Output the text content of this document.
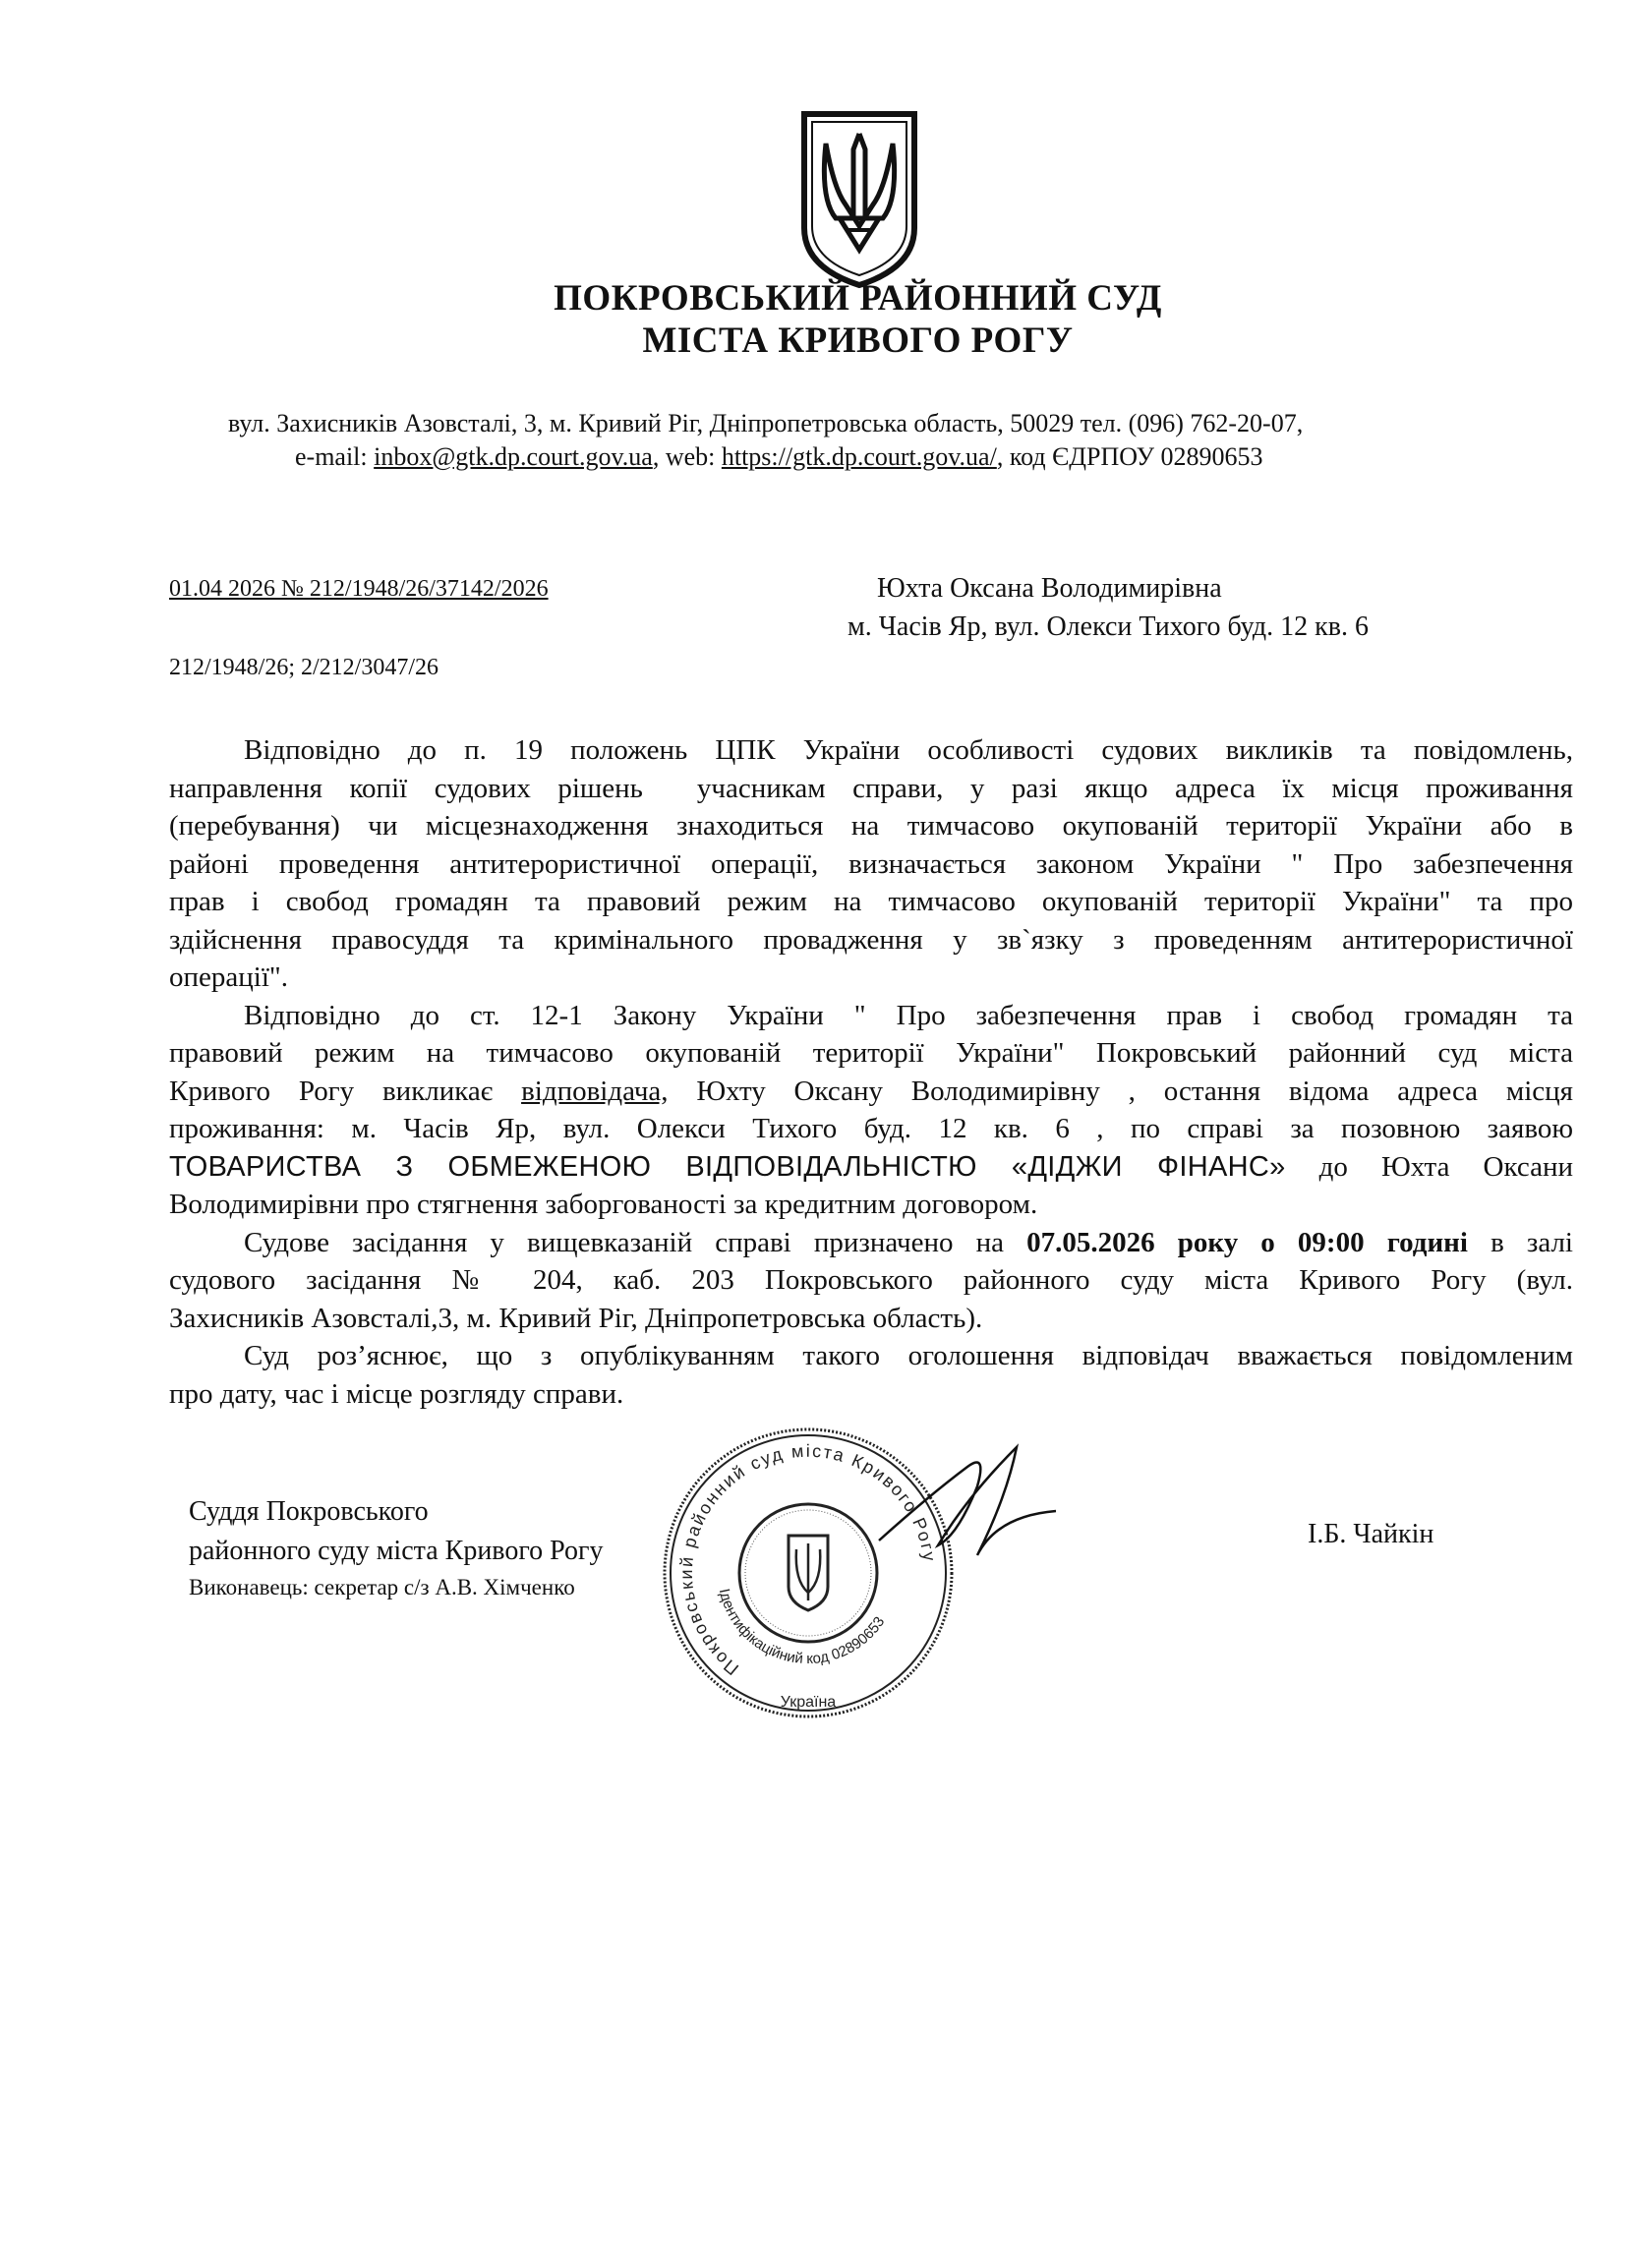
ПОКРОВСЬКИЙ РАЙОННИЙ СУД
МІСТА КРИВОГО РОГУ
вул. Захисників Азовсталі, 3, м. Кривий Ріг, Дніпропетровська область, 50029 тел. (096) 762-20-07,
e-mail: inbox@gtk.dp.court.gov.ua, web: https://gtk.dp.court.gov.ua/, код ЄДРПОУ 02890653
01.04 2026 № 212/1948/26/37142/2026
212/1948/26; 2/212/3047/26
Юхта Оксана Володимирівна
м. Часів Яр, вул. Олекси Тихого буд. 12 кв. 6
Відповідно до п. 19 положень ЦПК України особливості судових викликів та повідомлень,
направлення копії судових рішень  учасникам справи, у разі якщо адреса їх місця проживання
(перебування) чи місцезнаходження знаходиться на тимчасово окупованій території України або в
районі проведення антитерористичної операції, визначається законом України " Про забезпечення
прав і свобод громадян та правовий режим на тимчасово окупованій території України" та про
здійснення правосуддя та кримінального провадження у зв`язку з проведенням антитерористичної
операції".
Відповідно до ст. 12-1 Закону України " Про забезпечення прав і свобод громадян та
правовий режим на тимчасово окупованій території України" Покровський районний суд міста
Кривого Рогу викликає відповідача, Юхту Оксану Володимирівну , остання відома адреса місця
проживання: м. Часів Яр, вул. Олекси Тихого буд. 12 кв. 6 , по справі за позовною заявою
ТОВАРИСТВА З ОБМЕЖЕНОЮ ВІДПОВІДАЛЬНІСТЮ «ДІДЖИ ФІНАНС» до Юхта Оксани
Володимирівни про стягнення заборгованості за кредитним договором.
Судове засідання у вищевказаній справі призначено на 07.05.2026 року о 09:00 годині в залі
судового засідання № 204, каб. 203 Покровського районного суду міста Кривого Рогу (вул.
Захисників Азовсталі,3, м. Кривий Ріг, Дніпропетровська область).
Суд роз’яснює, що з опублікуванням такого оголошення відповідач вважається повідомленим
про дату, час і місце розгляду справи.
Суддя Покровського
районного суду міста Кривого Рогу
Виконавець: секретар с/з А.В. Хімченко
І.Б. Чайкін
Покровський районний суд міста Кривого Рогу
Ідентифікаційний код 02890653
Україна
